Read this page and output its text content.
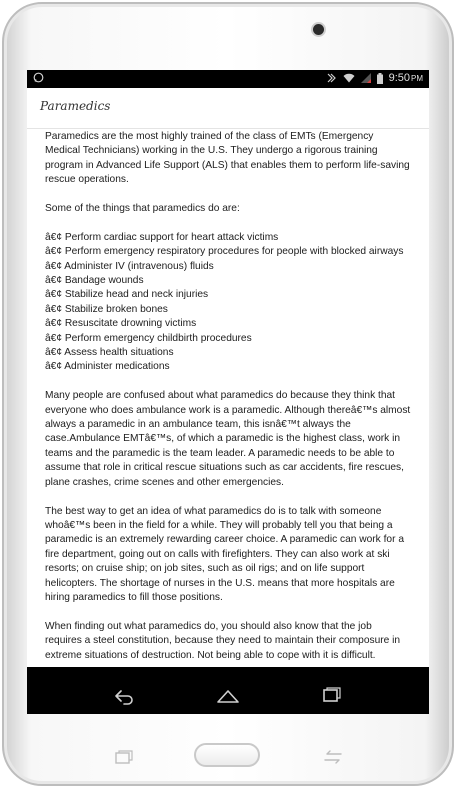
9:50PM
Paramedics

Paramedics are the most highly trained of the class of EMTs (Emergency Medical Technicians) working in the U.S. They undergo a rigorous training program in Advanced Life Support (ALS) that enables them to perform life-saving rescue operations.

Some of the things that paramedics do are:

â€¢ Perform cardiac support for heart attack victims
â€¢ Perform emergency respiratory procedures for people with blocked airways
â€¢ Administer IV (intravenous) fluids
â€¢ Bandage wounds
â€¢ Stabilize head and neck injuries
â€¢ Stabilize broken bones
â€¢ Resuscitate drowning victims
â€¢ Perform emergency childbirth procedures
â€¢ Assess health situations
â€¢ Administer medications

Many people are confused about what paramedics do because they think that everyone who does ambulance work is a paramedic. Although thereâ€™s almost always a paramedic in an ambulance team, this isnâ€™t always the case.Ambulance EMTâ€™s, of which a paramedic is the highest class, work in teams and the paramedic is the team leader. A paramedic needs to be able to assume that role in critical rescue situations such as car accidents, fire rescues, plane crashes, crime scenes and other emergencies.

The best way to get an idea of what paramedics do is to talk with someone whoâ€™s been in the field for a while. They will probably tell you that being a paramedic is an extremely rewarding career choice. A paramedic can work for a fire department, going out on calls with firefighters. They can also work at ski resorts; on cruise ship; on job sites, such as oil rigs; and on life support helicopters. The shortage of nurses in the U.S. means that more hospitals are hiring paramedics to fill those positions.

When finding out what paramedics do, you should also know that the job requires a steel constitution, because they need to maintain their composure in extreme situations of destruction. Not being able to cope with it is difficult.
